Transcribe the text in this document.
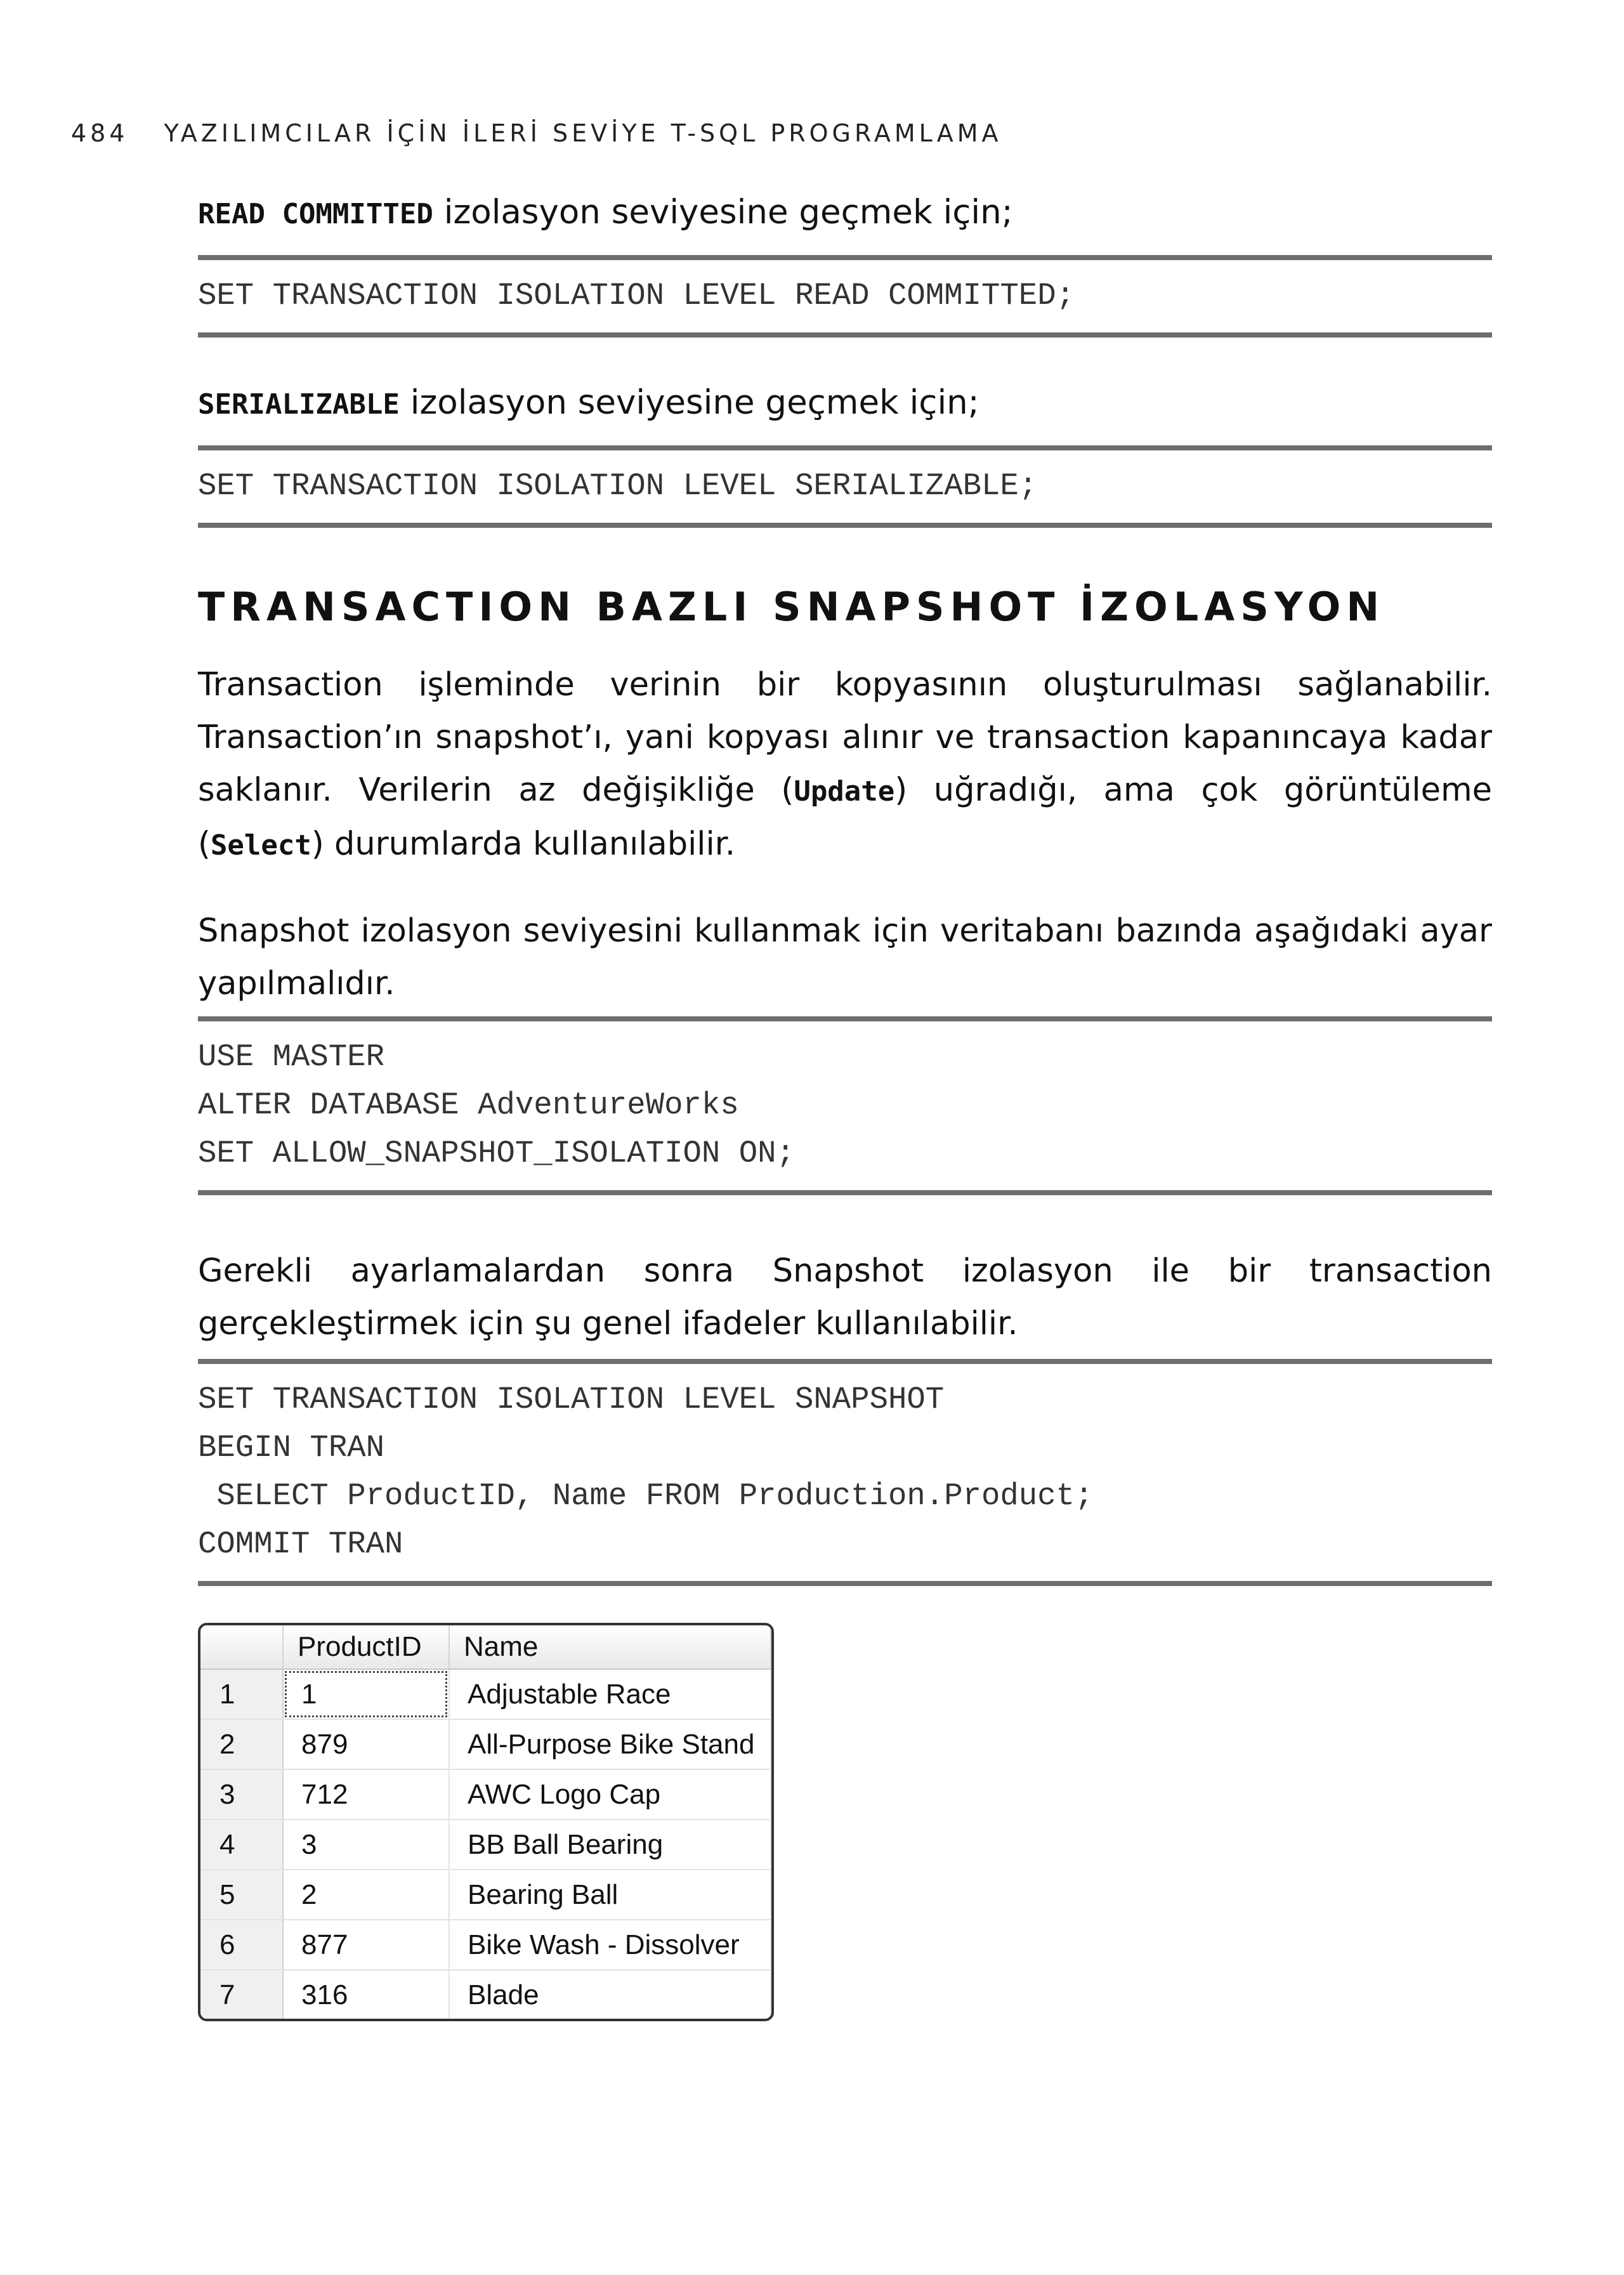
484 YAZILIMCILAR İÇİN İLERİ SEVİYE T-SQL PROGRAMLAMA

READ COMMITTED izolasyon seviyesine geçmek için;

SET TRANSACTION ISOLATION LEVEL READ COMMITTED;

SERIALIZABLE izolasyon seviyesine geçmek için;

SET TRANSACTION ISOLATION LEVEL SERIALIZABLE;
TRANSACTION BAZLI SNAPSHOT İZOLASYON

Transaction işleminde verinin bir kopyasının oluşturulması sağlanabilir. Transaction’ın snapshot’ı, yani kopyası alınır ve transaction kapanıncaya kadar saklanır. Verilerin az değişikliğe (Update) uğradığı, ama çok görüntüleme (Select) durumlarda kullanılabilir.

Snapshot izolasyon seviyesini kullanmak için veritabanı bazında aşağıdaki ayar yapılmalıdır.

USE MASTER
ALTER DATABASE AdventureWorks
SET ALLOW_SNAPSHOT_ISOLATION ON;

Gerekli ayarlamalardan sonra Snapshot izolasyon ile bir transaction gerçekleştirmek için şu genel ifadeler kullanılabilir.

SET TRANSACTION ISOLATION LEVEL SNAPSHOT
BEGIN TRAN
SELECT ProductID, Name FROM Production.Product;
COMMIT TRAN
	ProductID	Name
1	1	Adjustable Race
2	879	All-Purpose Bike Stand
3	712	AWC Logo Cap
4	3	BB Ball Bearing
5	2	Bearing Ball
6	877	Bike Wash - Dissolver
7	316	Blade
